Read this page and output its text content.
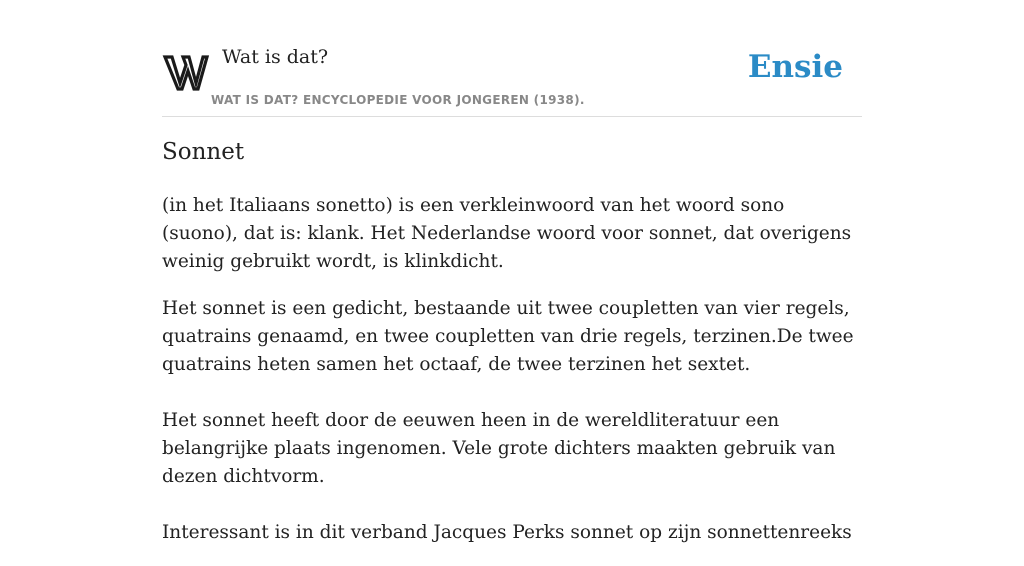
Wat is dat?
WAT IS DAT? ENCYCLOPEDIE VOOR JONGEREN (1938).
Ensie
Sonnet

(in het Italiaans sonetto) is een verkleinwoord van het woord sono (suono), dat is: klank. Het Nederlandse woord voor sonnet, dat overigens weinig gebruikt wordt, is klinkdicht.

Het sonnet is een gedicht, bestaande uit twee coupletten van vier regels, quatrains genaamd, en twee coupletten van drie regels, terzinen.De twee quatrains heten samen het octaaf, de twee terzinen het sextet.

Het sonnet heeft door de eeuwen heen in de wereldliteratuur een belangrijke plaats ingenomen. Vele grote dichters maakten gebruik van dezen dichtvorm.

Interessant is in dit verband Jacques Perks sonnet op zijn sonnettenreeks
